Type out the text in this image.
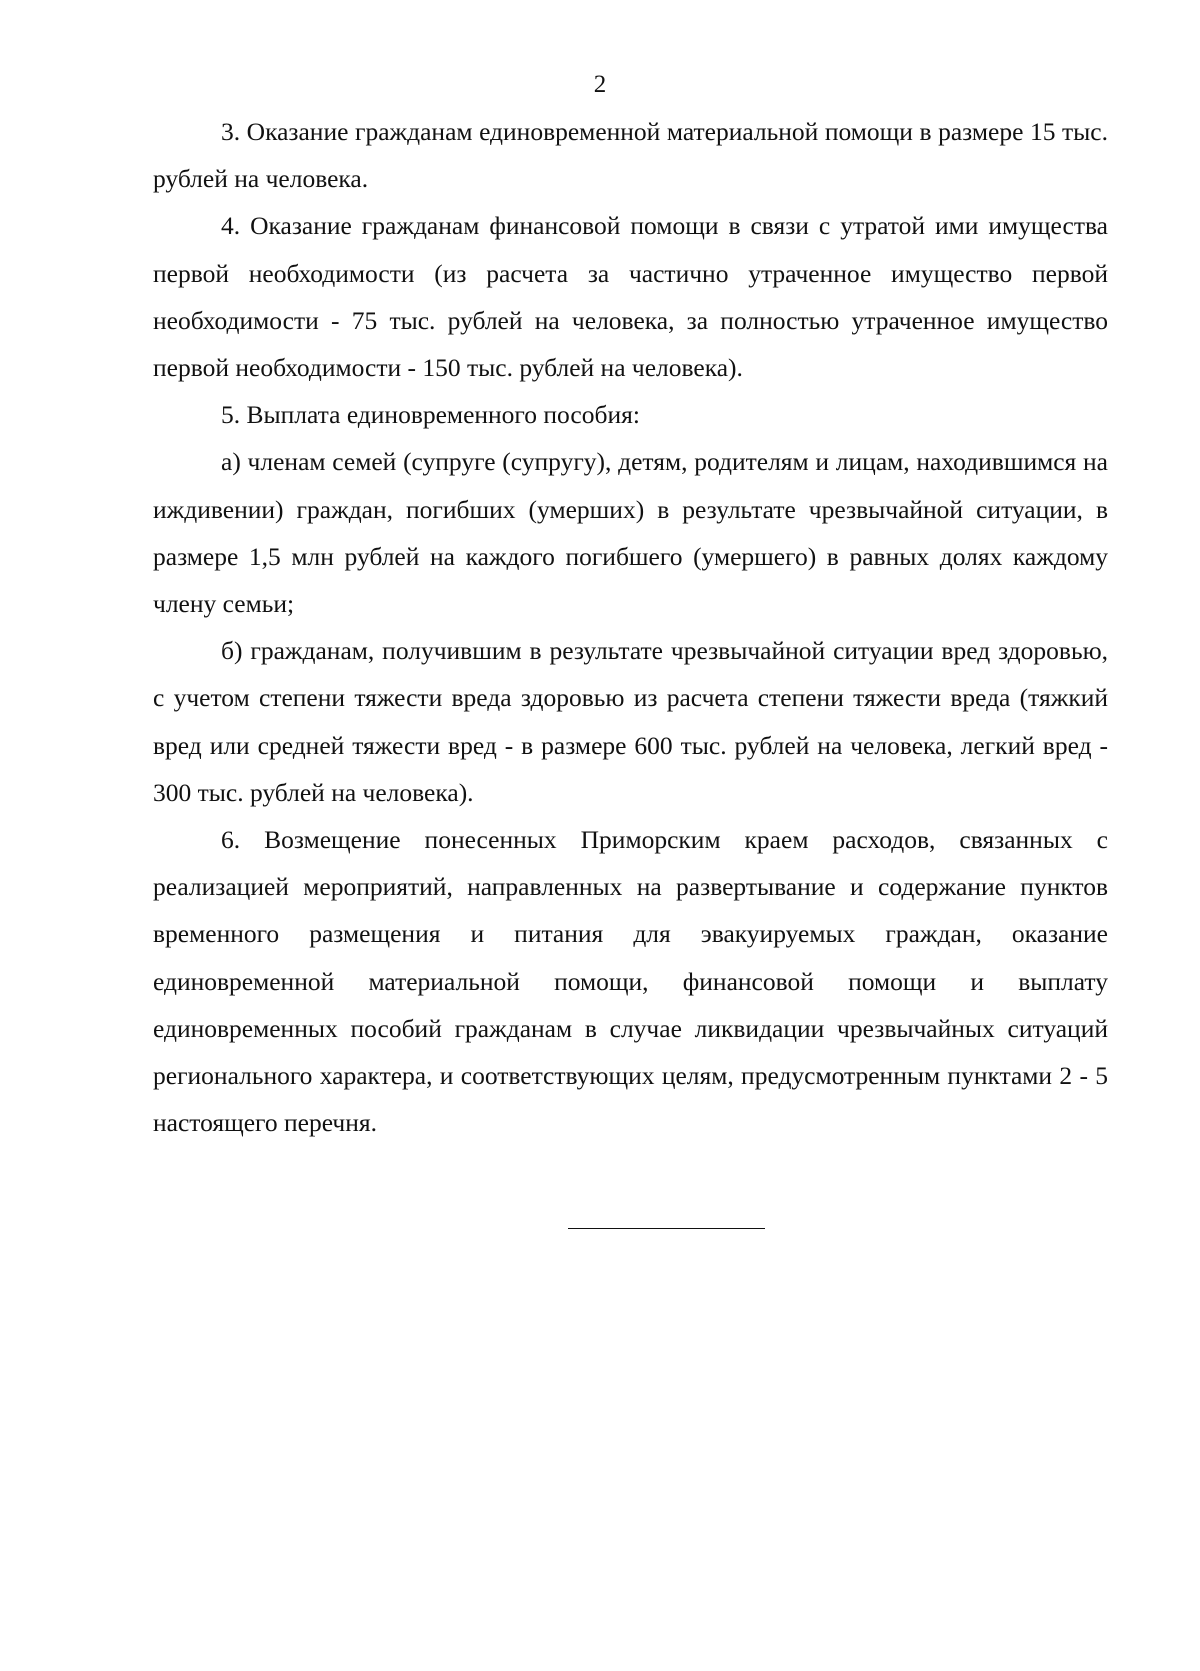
2

3. Оказание гражданам единовременной материальной помощи в размере 15 тыс. рублей на человека.

4. Оказание гражданам финансовой помощи в связи с утратой ими имущества первой необходимости (из расчета за частично утраченное имущество первой необходимости - 75 тыс. рублей на человека, за полностью утраченное имущество первой необходимости - 150 тыс. рублей на человека).

5. Выплата единовременного пособия:

а) членам семей (супруге (супругу), детям, родителям и лицам, находившимся на иждивении) граждан, погибших (умерших) в результате чрезвычайной ситуации, в размере 1,5 млн рублей на каждого погибшего (умершего) в равных долях каждому члену семьи;

б) гражданам, получившим в результате чрезвычайной ситуации вред здоровью, с учетом степени тяжести вреда здоровью из расчета степени тяжести вреда (тяжкий вред или средней тяжести вред - в размере 600 тыс. рублей на человека, легкий вред - 300 тыс. рублей на человека).

6. Возмещение понесенных Приморским краем расходов, связанных с реализацией мероприятий, направленных на развертывание и содержание пунктов временного размещения и питания для эвакуируемых граждан, оказание единовременной материальной помощи, финансовой помощи и выплату единовременных пособий гражданам в случае ликвидации чрезвычайных ситуаций регионального характера, и соответствующих целям, предусмотренным пунктами 2 - 5 настоящего перечня.
